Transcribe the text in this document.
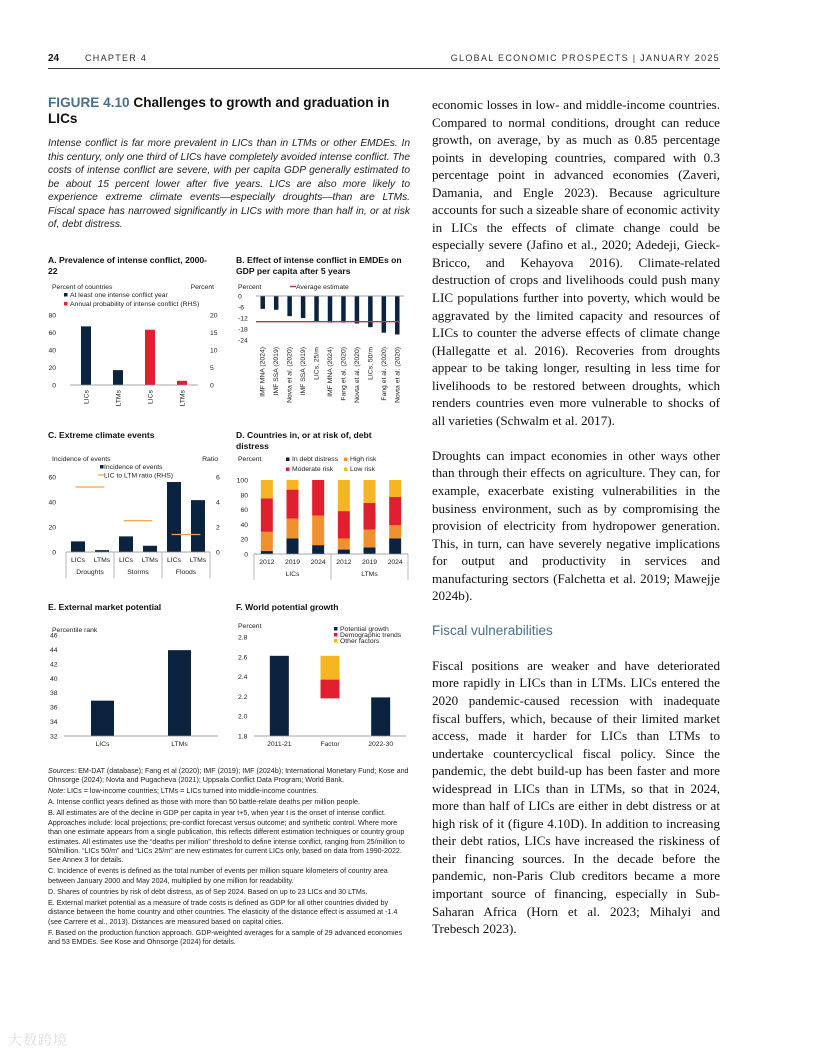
24	CHAPTER 4	GLOBAL ECONOMIC PROSPECTS | JANUARY 2025
FIGURE 4.10 Challenges to growth and graduation in LICs
Intense conflict is far more prevalent in LICs than in LTMs or other EMDEs. In this century, only one third of LICs have completely avoided intense conflict. The costs of intense conflict are severe, with per capita GDP generally estimated to be about 15 percent lower after five years. LICs are also more likely to experience extreme climate events—especially droughts—than are LTMs. Fiscal space has narrowed significantly in LICs with more than half in, or at risk of, debt distress.
A. Prevalence of intense conflict, 2000-22
Percent of countries	Percent
At least one intense conflict year
Annual probability of intense conflict (RHS)
0
20
40
60
80
0
5
10
15
20
LICs	LTMs	LICs	LTMs
B. Effect of intense conflict in EMDEs on GDP per capita after 5 years
Percent	Average estimate
0
-6
-12
-18
-24
IMF MNA (2024) IMF SSA (2019) Novta et al. (2020) IMF SSA (2019) LICs, 25/m IMF MNA (2024) Fang et al. (2020) Novta et al. (2020) LICs, 50/m Fang et al. (2020) Novta et al. (2020)
C. Extreme climate events
Incidence of events	Ratio
Incidence of events
LIC to LTM ratio (RHS)
0
20
40
60
0
2
4
6
LICs LTMs LICs LTMs LICs LTMs
Droughts	Storms	Floods
D. Countries in, or at risk of, debt distress
Percent	In debt distress High risk
Moderate risk Low risk
0
20
40
60
80
100
2012 2019 2024 2012 2019 2024
LICs	LTMs
E. External market potential
Percentile rank
32
34
36
38
40
42
44
46
LICs	LTMs
F. World potential growth
Percent	Potential growth
Demographic trends
Other factors
1.8
2.0
2.2
2.4
2.6
2.8
2011-21	Factor	2022-30

Sources: EM-DAT (database); Fang et al (2020); IMF (2019); IMF (2024b); International Monetary Fund; Kose and Ohnsorge (2024); Novta and Pugacheva (2021); Uppsala Conflict Data Program; World Bank.

Note: LICs = low-income countries; LTMs = LICs turned into middle-income countries.

A. Intense conflict years defined as those with more than 50 battle-relate deaths per million people.

B. All estimates are of the decline in GDP per capita in year t+5, when year t is the onset of intense conflict. Approaches include: local projections; pre-conflict forecast versus outcome; and synthetic control. Where more than one estimate appears from a single publication, this reflects different estimation techniques or country group estimates. All estimates use the “deaths per million” threshold to define intense conflict, ranging from 25/million to 50/million. “LICs 50/m” and “LICs 25/m” are new estimates for current LICs only, based on data from 1990-2022. See Annex 3 for details.

C. Incidence of events is defined as the total number of events per million square kilometers of country area between January 2000 and May 2024, multiplied by one million for readability.

D. Shares of countries by risk of debt distress, as of Sep 2024. Based on up to 23 LICs and 30 LTMs.

E. External market potential as a measure of trade costs is defined as GDP for all other countries divided by distance between the home country and other countries. The elasticity of the distance effect is assumed at -1.4 (see Carrere et al., 2013). Distances are measured based on capital cities.

F. Based on the production function approach. GDP-weighted averages for a sample of 29 advanced economies and 53 EMDEs. See Kose and Ohnsorge (2024) for details.

economic losses in low- and middle-income countries. Compared to normal conditions, drought can reduce growth, on average, by as much as 0.85 percentage points in developing countries, compared with 0.3 percentage point in advanced economies (Zaveri, Damania, and Engle 2023). Because agriculture accounts for such a sizeable share of economic activity in LICs the effects of climate change could be especially severe (Jafino et al., 2020; Adedeji, Gieck-Bricco, and Kehayova 2016). Climate-related destruction of crops and livelihoods could push many LIC populations further into poverty, which would be aggravated by the limited capacity and resources of LICs to counter the adverse effects of climate change (Hallegatte et al. 2016). Recoveries from droughts appear to be taking longer, resulting in less time for livelihoods to be restored between droughts, which renders countries even more vulnerable to shocks of all varieties (Schwalm et al. 2017).

Droughts can impact economies in other ways other than through their effects on agriculture. They can, for example, exacerbate existing vulnerabilities in the business environment, such as by compromising the provision of electricity from hydropower generation. This, in turn, can have severely negative implications for output and productivity in services and manufacturing sectors (Falchetta et al. 2019; Mawejje 2024b).

Fiscal vulnerabilities

Fiscal positions are weaker and have deteriorated more rapidly in LICs than in LTMs. LICs entered the 2020 pandemic-caused recession with inadequate fiscal buffers, which, because of their limited market access, made it harder for LICs than LTMs to undertake countercyclical fiscal policy. Since the pandemic, the debt build-up has been faster and more widespread in LICs than in LTMs, so that in 2024, more than half of LICs are either in debt distress or at high risk of it (figure 4.10D). In addition to increasing their debt ratios, LICs have increased the riskiness of their financing sources. In the decade before the pandemic, non-Paris Club creditors became a more important source of financing, especially in Sub-Saharan Africa (Horn et al. 2023; Mihalyi and Trebesch 2023).

大数跨境
